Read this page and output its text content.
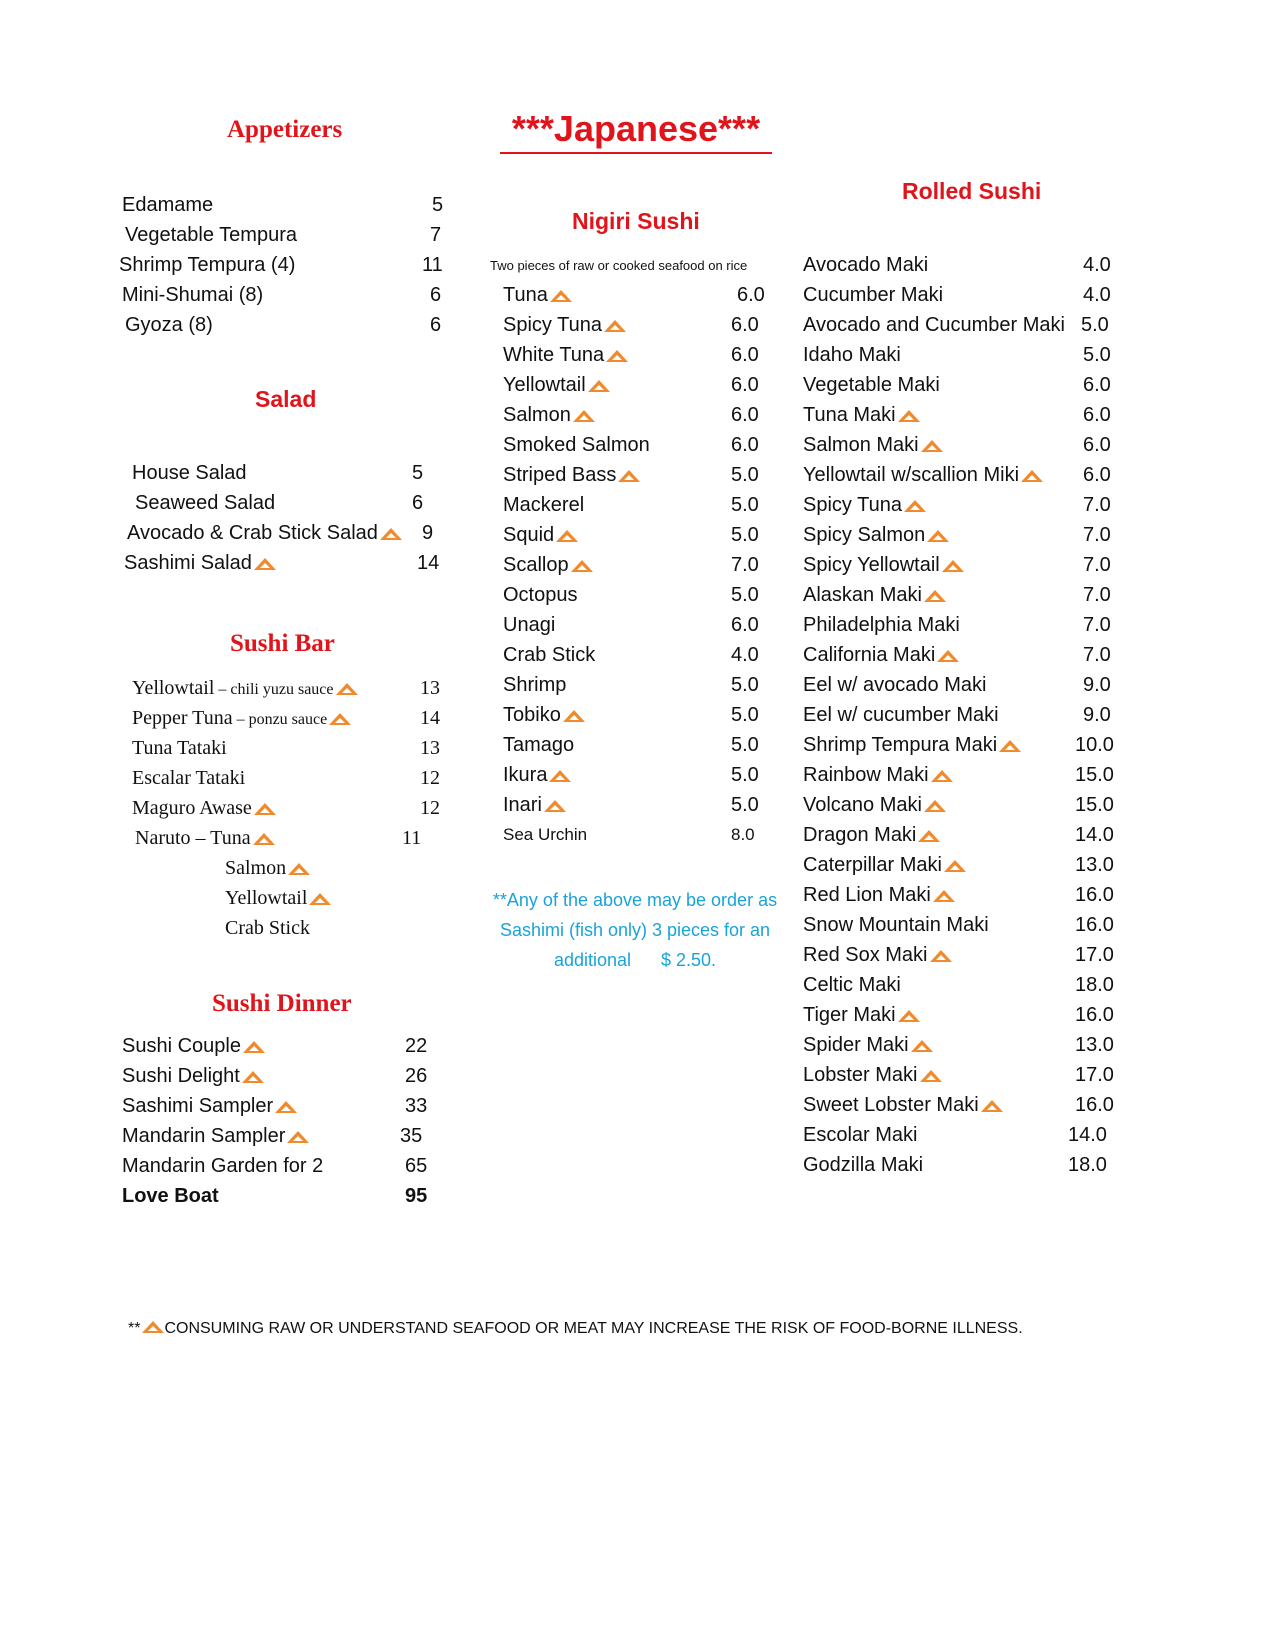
***Japanese***
Appetizers
Salad
Sushi Bar
Sushi Dinner
Nigiri Sushi
Rolled Sushi
Two pieces of raw or cooked seafood on rice
Edamame	5
Vegetable Tempura	7
Shrimp Tempura (4)	11
Mini-Shumai (8)	6
Gyoza (8)	6
House Salad	5
Seaweed Salad	6
Avocado & Crab Stick Salad	9
Sashimi Salad	14
Yellowtail – chili yuzu sauce	13
Pepper Tuna – ponzu sauce	14
Tuna Tataki	13
Escalar Tataki	12
Maguro Awase	12
Naruto – Tuna	11
Salmon
Yellowtail
Crab Stick
Sushi Couple	22
Sushi Delight	26
Sashimi Sampler	33
Mandarin Sampler	35
Mandarin Garden for 2	65
Love Boat	95
Tuna	6.0
Spicy Tuna	6.0
White Tuna	6.0
Yellowtail	6.0
Salmon	6.0
Smoked Salmon	6.0
Striped Bass	5.0
Mackerel	5.0
Squid	5.0
Scallop	7.0
Octopus	5.0
Unagi	6.0
Crab Stick	4.0
Shrimp	5.0
Tobiko	5.0
Tamago	5.0
Ikura	5.0
Inari	5.0
Sea Urchin	8.0
Avocado Maki	4.0
Cucumber Maki	4.0
Avocado and Cucumber Maki 5.0
Idaho Maki	5.0
Vegetable Maki	6.0
Tuna Maki	6.0
Salmon Maki	6.0
Yellowtail w/scallion Miki	6.0
Spicy Tuna	7.0
Spicy Salmon	7.0
Spicy Yellowtail	7.0
Alaskan Maki	7.0
Philadelphia Maki	7.0
California Maki	7.0
Eel w/ avocado Maki	9.0
Eel w/ cucumber Maki	9.0
Shrimp Tempura Maki	10.0
Rainbow Maki	15.0
Volcano Maki	15.0
Dragon Maki	14.0
Caterpillar Maki	13.0
Red Lion Maki	16.0
Snow Mountain Maki	16.0
Red Sox Maki	17.0
Celtic Maki	18.0
Tiger Maki	16.0
Spider Maki	13.0
Lobster Maki	17.0
Sweet Lobster Maki	16.0
Escolar Maki	14.0
Godzilla Maki	18.0
**Any of the above may be order as
Sashimi (fish only) 3 pieces for an
additional      $ 2.50.
** CONSUMING RAW OR UNDERSTAND SEAFOOD OR MEAT MAY INCREASE THE RISK OF FOOD-BORNE ILLNESS.
